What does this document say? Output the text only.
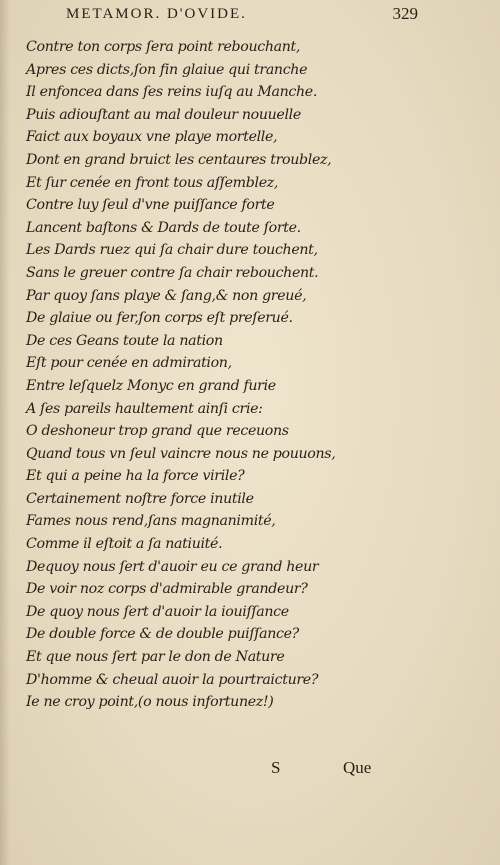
METAMOR. D'OVIDE.	329
Contre ton corps ſera point rebouchant,
Apres ces dicts,ſon fin glaiue qui tranche
Il enfoncea dans ſes reins iuſq au Manche.
Puis adiouſtant au mal douleur nouuelle
Faict aux boyaux vne playe mortelle,
Dont en grand bruict les centaures troublez,
Et ſur cenée en front tous aſſemblez,
Contre luy ſeul d'vne puiſſance forte
Lancent baſtons & Dards de toute ſorte.
Les Dards ruez qui ſa chair dure touchent,
Sans le greuer contre ſa chair rebouchent.
Par quoy ſans playe & ſang,& non greué,
De glaiue ou fer,ſon corps eſt preſerué.
De ces Geans toute la nation
Eſt pour cenée en admiration,
Entre leſquelz Monyc en grand furie
A ſes pareils haultement ainſi crie:
O deshoneur trop grand que receuons
Quand tous vn ſeul vaincre nous ne pouuons,
Et qui a peine ha la force virile?
Certainement noſtre force inutile
Fames nous rend,ſans magnanimité,
Comme il eſtoit a ſa natiuité.
Dequoy nous ſert d'auoir eu ce grand heur
De voir noz corps d'admirable grandeur?
De quoy nous ſert d'auoir la iouiſſance
De double force & de double puiſſance?
Et que nous ſert par le don de Nature
D'homme & cheual auoir la pourtraicture?
Ie ne croy point,(o nous infortunez!)
S	Que
